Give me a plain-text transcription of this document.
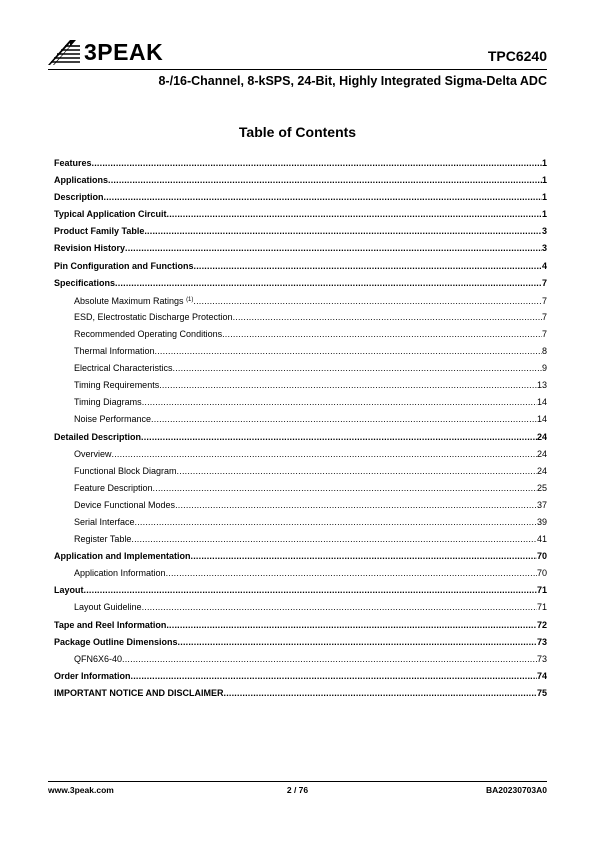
3PEAK	TPC6240
8-/16-Channel, 8-kSPS, 24-Bit, Highly Integrated Sigma-Delta ADC
Table of Contents
Features .....	1
Applications .....	1
Description .....	1
Typical Application Circuit .....	1
Product Family Table .....	3
Revision History .....	3
Pin Configuration and Functions .....	4
Specifications .....	7
Absolute Maximum Ratings $^{(1)}$ .....	7
ESD, Electrostatic Discharge Protection .....	7
Recommended Operating Conditions .....	7
Thermal Information .....	8
Electrical Characteristics .....	9
Timing Requirements .....	13
Timing Diagrams .....	14
Noise Performance .....	14
Detailed Description .....	24
Overview .....	24
Functional Block Diagram .....	24
Feature Description .....	25
Device Functional Modes .....	37
Serial Interface .....	39
Register Table .....	41
Application and Implementation .....	70
Application Information .....	70
Layout .....	71
Layout Guideline .....	71
Tape and Reel Information .....	72
Package Outline Dimensions .....	73
QFN6X6-40 .....	73
Order Information .....	74
IMPORTANT NOTICE AND DISCLAIMER .....	75
www.3peak.com	2 / 76	BA20230703A0
